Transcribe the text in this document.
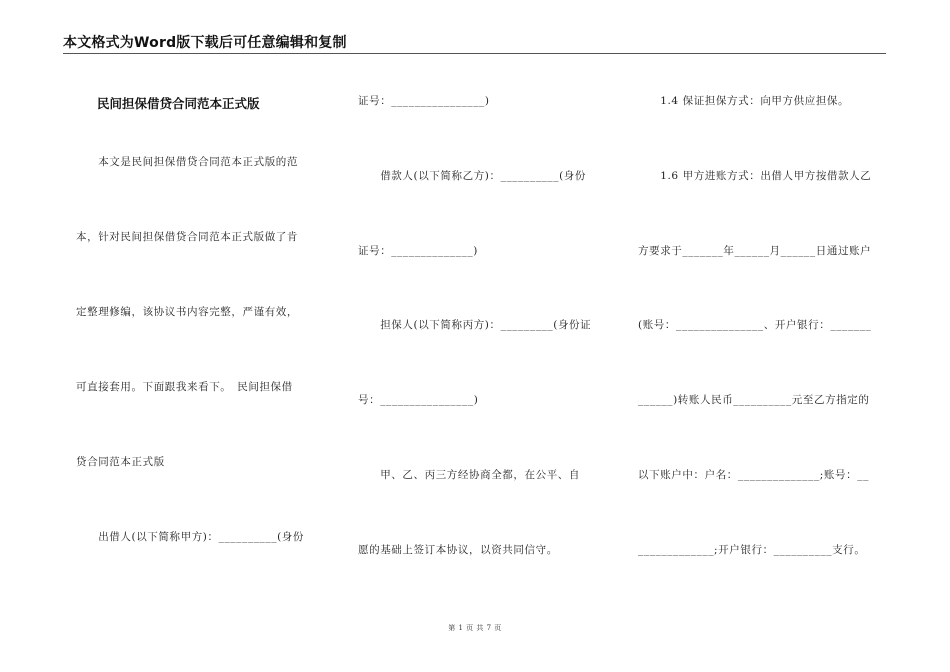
本文格式为Word版下载后可任意编辑和复制
民间担保借贷合同范本正式版
　　本文是民间担保借贷合同范本正式版的范
本，针对民间担保借贷合同范本正式版做了肯
定整理修编，该协议书内容完整，严谨有效，
可直接套用。下面跟我来看下。　民间担保借
贷合同范本正式版
　　出借人(以下简称甲方)：__________(身份
证号：________________)
　　借款人(以下简称乙方)：__________(身份
证号：______________)
　　担保人(以下简称丙方)：_________(身份证
号：________________)
　　甲、乙、丙三方经协商全都，在公平、自
愿的基础上签订本协议，以资共同信守。
　　1.4 保证担保方式：向甲方供应担保。
　　1.6 甲方进账方式：出借人甲方按借款人乙
方要求于_______年______月______日通过账户
(账号：_______________、开户银行：_______
______)转账人民币__________元至乙方指定的
以下账户中：户名：______________;账号：__
_____________;开户银行：__________支行。
第 1 页 共 7 页
